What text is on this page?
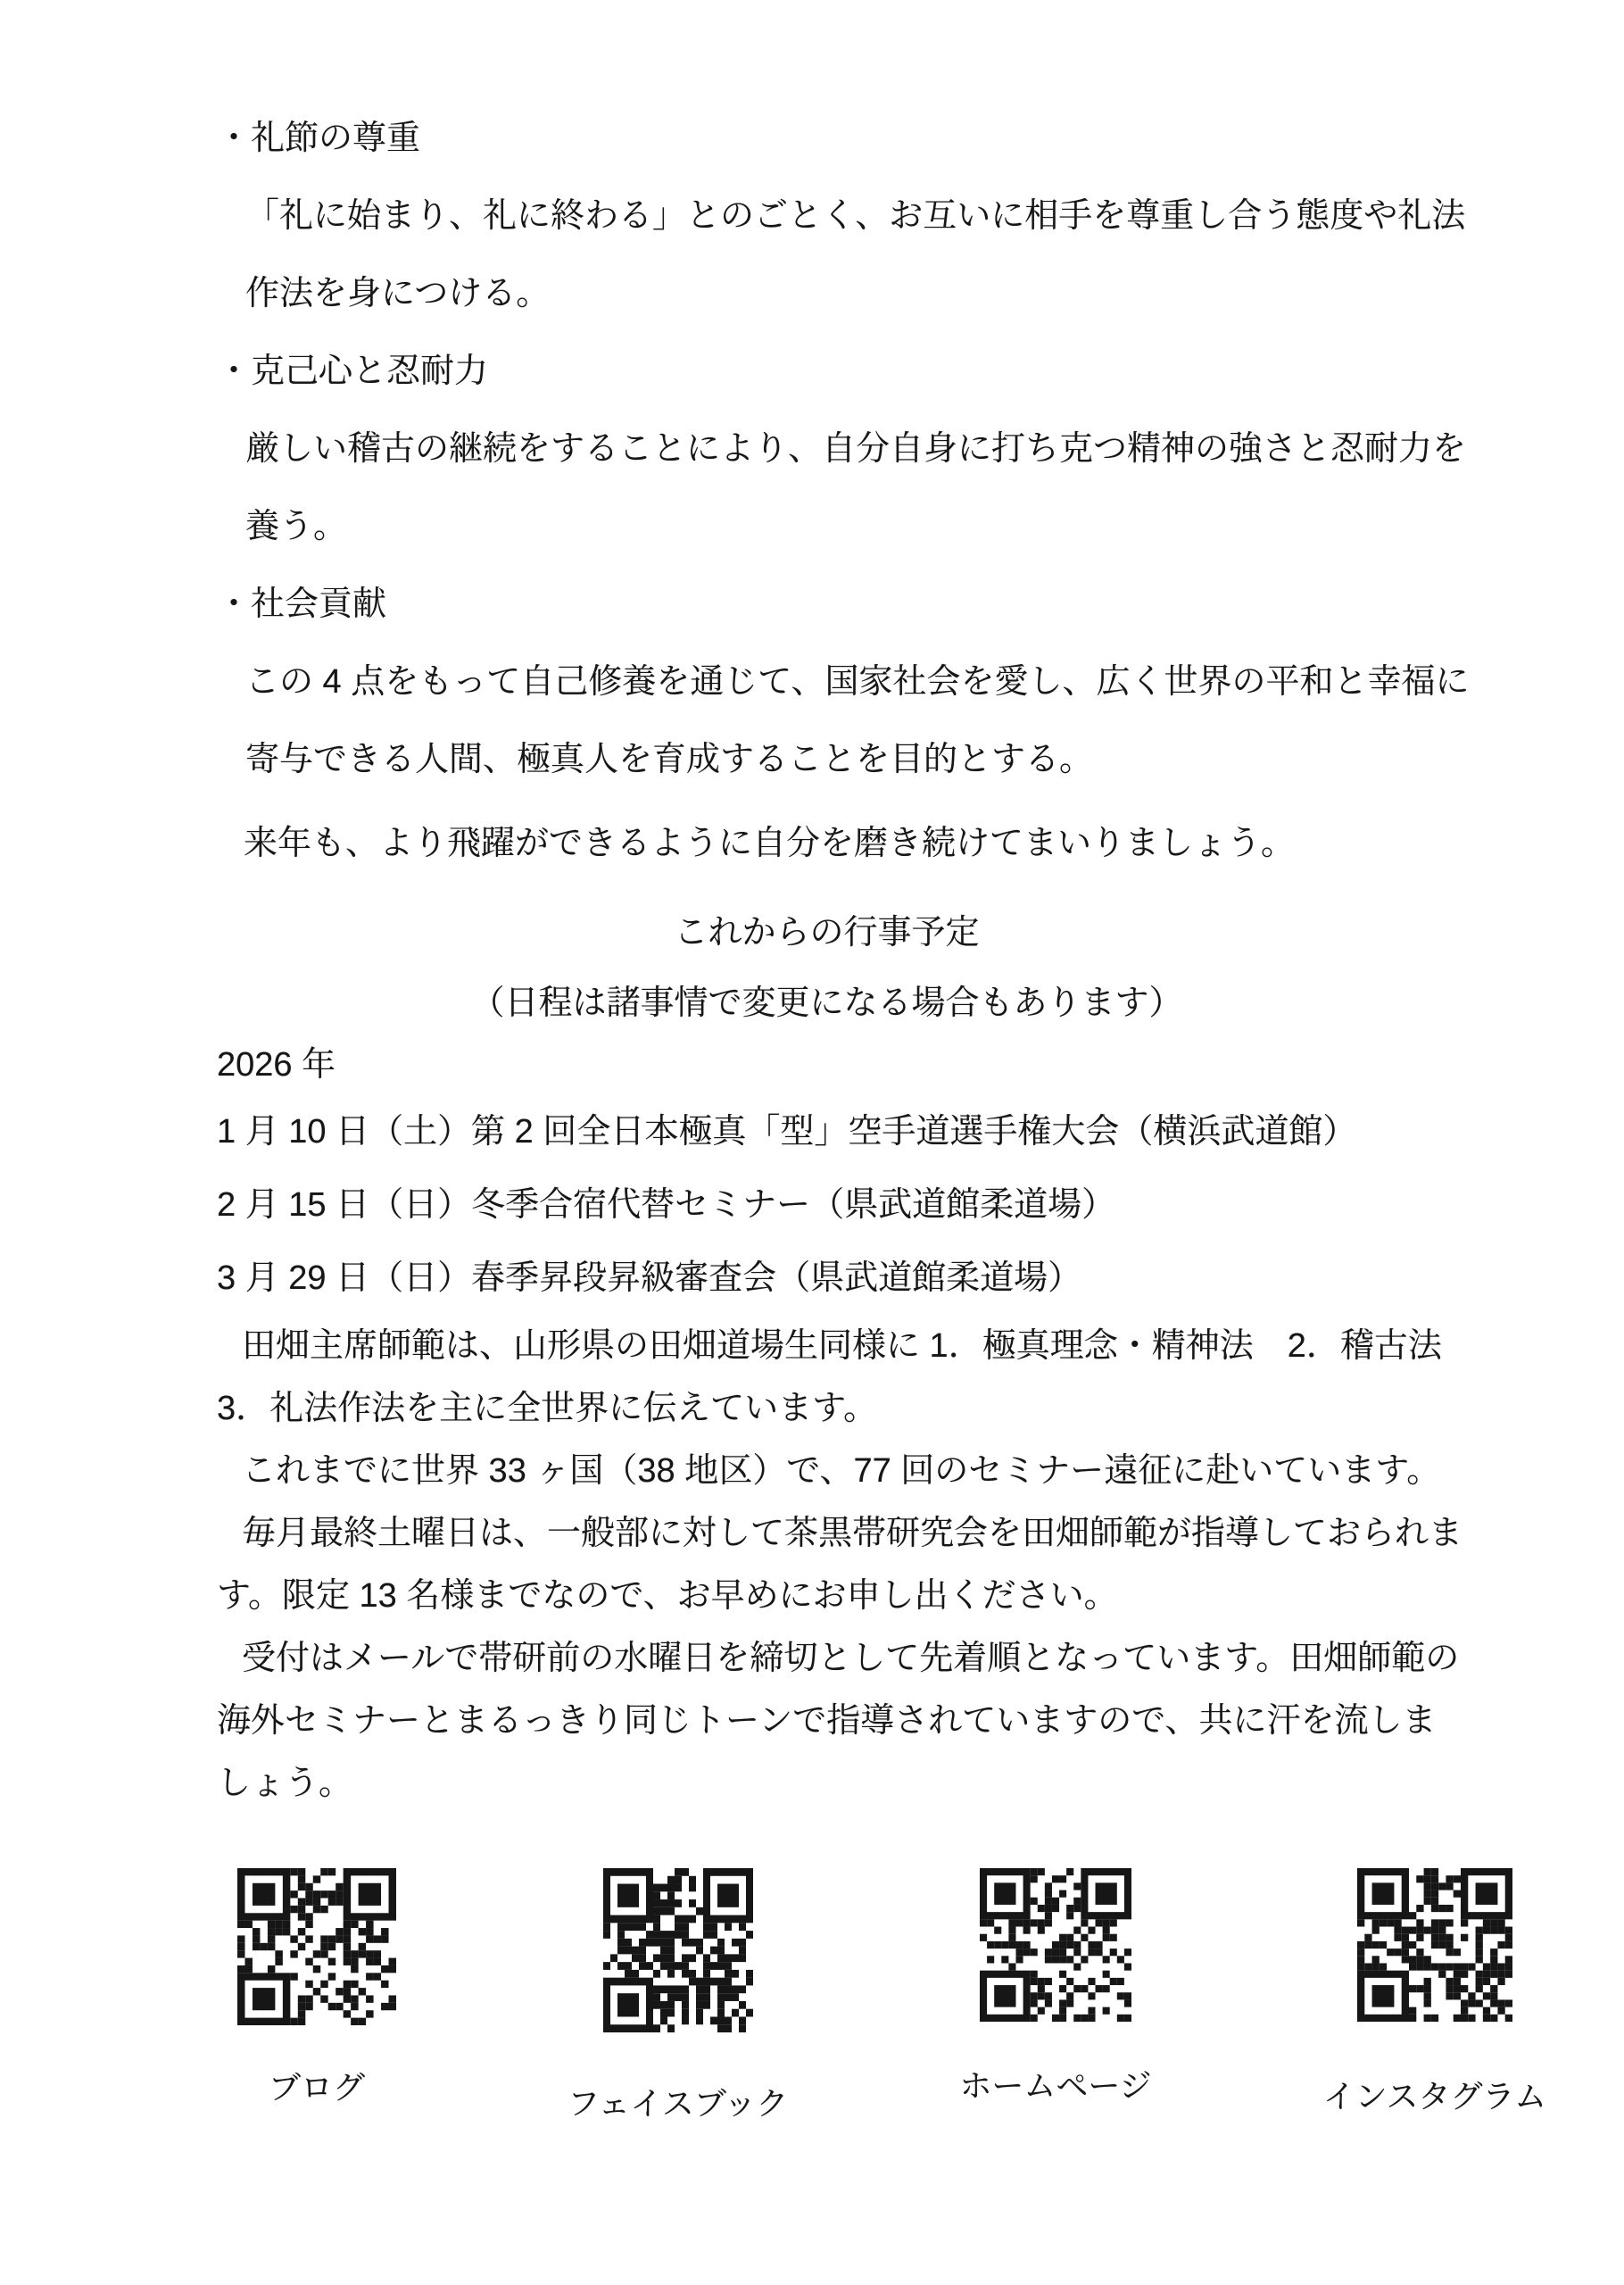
・礼節の尊重
「礼に始まり、礼に終わる」とのごとく、お互いに相手を尊重し合う態度や礼法
作法を身につける。
・克己心と忍耐力
厳しい稽古の継続をすることにより、自分自身に打ち克つ精神の強さと忍耐力を
養う。
・社会貢献
この 4 点をもって自己修養を通じて、国家社会を愛し、広く世界の平和と幸福に
寄与できる人間、極真人を育成することを目的とする。
来年も、より飛躍ができるように自分を磨き続けてまいりましょう。
これからの行事予定
（日程は諸事情で変更になる場合もあります）
2026 年
1 月 10 日（土）第 2 回全日本極真「型」空手道選手権大会（横浜武道館）
2 月 15 日（日）冬季合宿代替セミナー（県武道館柔道場）
3 月 29 日（日）春季昇段昇級審査会（県武道館柔道場）
田畑主席師範は、山形県の田畑道場生同様に 1．極真理念・精神法　2．稽古法
3．礼法作法を主に全世界に伝えています。
これまでに世界 33 ヶ国（38 地区）で、77 回のセミナー遠征に赴いています。
毎月最終土曜日は、一般部に対して茶黒帯研究会を田畑師範が指導しておられま
す。限定 13 名様までなので、お早めにお申し出ください。
受付はメールで帯研前の水曜日を締切として先着順となっています。田畑師範の
海外セミナーとまるっきり同じトーンで指導されていますので、共に汗を流しま
しょう。
ブログ	フェイスブック	ホームページ	インスタグラム
